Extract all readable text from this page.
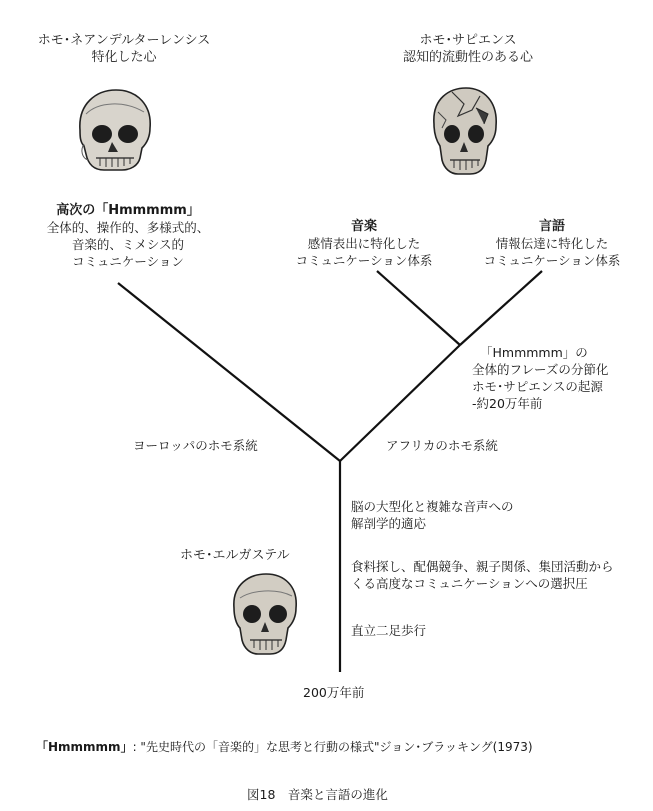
ホモ･ネアンデルターレンシス
特化した心
高次の「Hmmmmm」
全体的、操作的、多様式的、
音楽的、ミメシス的
コミュニケーション
ホモ･サピエンス
認知的流動性のある心
音楽
感情表出に特化した
コミュニケーション体系
言語
情報伝達に特化した
コミュニケーション体系
「Hmmmmm」の
全体的フレーズの分節化
ホモ･サピエンスの起源
‐約20万年前
ヨーロッパのホモ系統	アフリカのホモ系統
脳の大型化と複雑な音声への
解剖学的適応
食料探し、配偶競争、親子関係、集団活動から
くる高度なコミュニケーションへの選択圧
直立二足歩行
ホモ･エルガステル
200万年前
「Hmmmmm」: "先史時代の「音楽的」な思考と行動の様式"ジョン･ブラッキング(1973)
図18　音楽と言語の進化
